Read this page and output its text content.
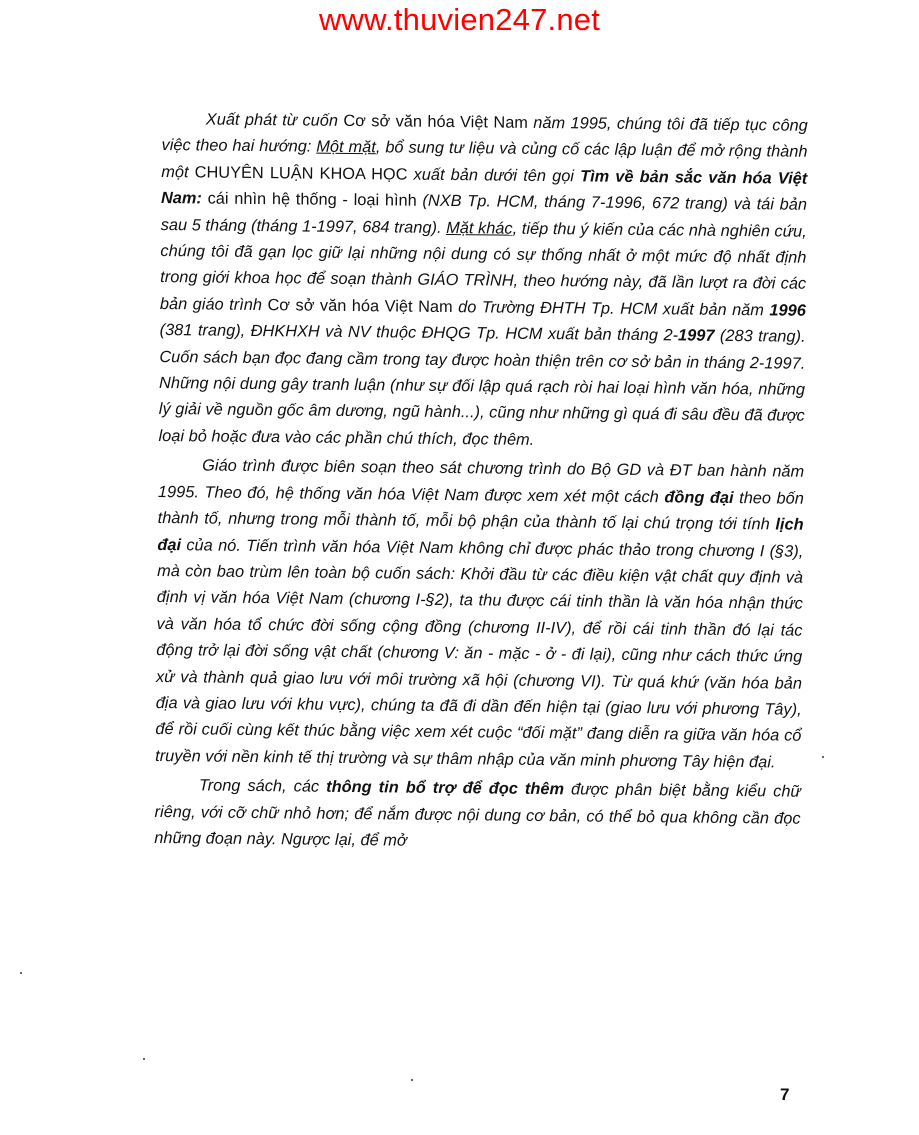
www.thuvien247.net

Xuất phát từ cuốn Cơ sở văn hóa Việt Nam năm 1995, chúng tôi đã tiếp tục công việc theo hai hướng: Một mặt, bổ sung tư liệu và củng cố các lập luận để mở rộng thành một CHUYÊN LUẬN KHOA HỌC xuất bản dưới tên gọi Tìm về bản sắc văn hóa Việt Nam: cái nhìn hệ thống - loại hình (NXB Tp. HCM, tháng 7-1996, 672 trang) và tái bản sau 5 tháng (tháng 1-1997, 684 trang). Mặt khác, tiếp thu ý kiến của các nhà nghiên cứu, chúng tôi đã gạn lọc giữ lại những nội dung có sự thống nhất ở một mức độ nhất định trong giới khoa học để soạn thành GIÁO TRÌNH, theo hướng này, đã lần lượt ra đời các bản giáo trình Cơ sở văn hóa Việt Nam do Trường ĐHTH Tp. HCM xuất bản năm 1996 (381 trang), ĐHKHXH và NV thuộc ĐHQG Tp. HCM xuất bản tháng 2-1997 (283 trang). Cuốn sách bạn đọc đang cầm trong tay được hoàn thiện trên cơ sở bản in tháng 2-1997. Những nội dung gây tranh luận (như sự đối lập quá rạch ròi hai loại hình văn hóa, những lý giải về nguồn gốc âm dương, ngũ hành...), cũng như những gì quá đi sâu đều đã được loại bỏ hoặc đưa vào các phần chú thích, đọc thêm.

Giáo trình được biên soạn theo sát chương trình do Bộ GD và ĐT ban hành năm 1995. Theo đó, hệ thống văn hóa Việt Nam được xem xét một cách đồng đại theo bốn thành tố, nhưng trong mỗi thành tố, mỗi bộ phận của thành tố lại chú trọng tới tính lịch đại của nó. Tiến trình văn hóa Việt Nam không chỉ được phác thảo trong chương I (§3), mà còn bao trùm lên toàn bộ cuốn sách: Khởi đầu từ các điều kiện vật chất quy định và định vị văn hóa Việt Nam (chương I-§2), ta thu được cái tinh thần là văn hóa nhận thức và văn hóa tổ chức đời sống cộng đồng (chương II-IV), để rồi cái tinh thần đó lại tác động trở lại đời sống vật chất (chương V: ăn - mặc - ở - đi lại), cũng như cách thức ứng xử và thành quả giao lưu với môi trường xã hội (chương VI). Từ quá khứ (văn hóa bản địa và giao lưu với khu vực), chúng ta đã đi dần đến hiện tại (giao lưu với phương Tây), để rồi cuối cùng kết thúc bằng việc xem xét cuộc “đối mặt” đang diễn ra giữa văn hóa cổ truyền với nền kinh tế thị trường và sự thâm nhập của văn minh phương Tây hiện đại.

Trong sách, các thông tin bổ trợ để đọc thêm được phân biệt bằng kiểu chữ riêng, với cỡ chữ nhỏ hơn; để nắm được nội dung cơ bản, có thể bỏ qua không cần đọc những đoạn này. Ngược lại, để mở

7
